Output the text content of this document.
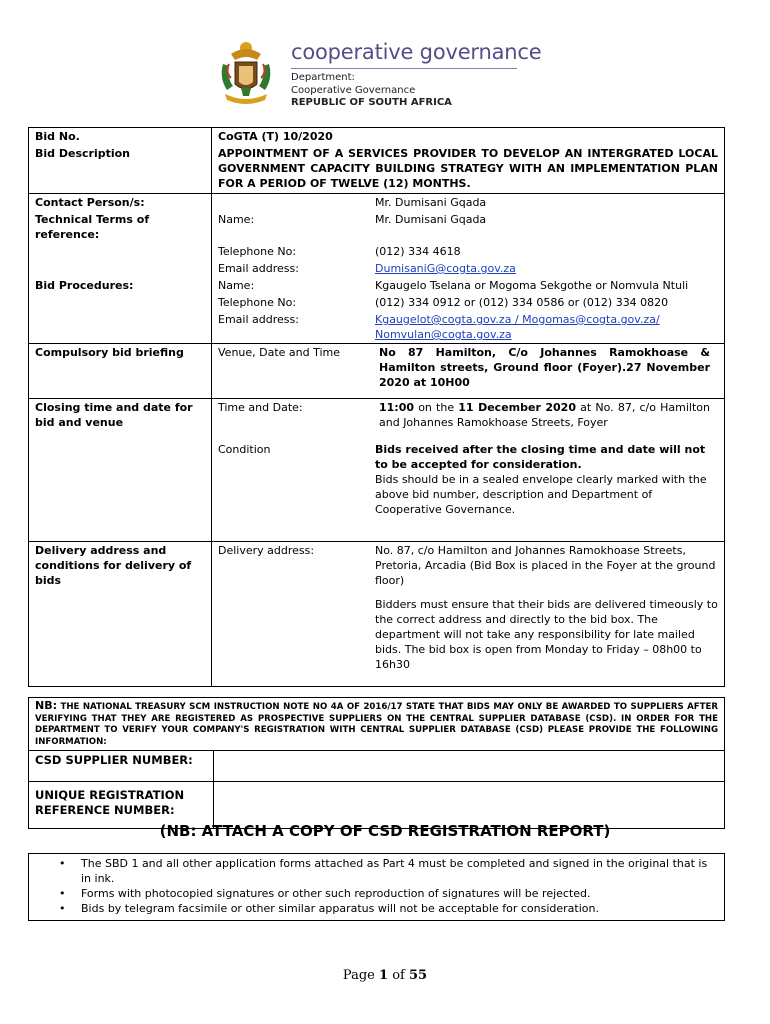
cooperative governance
Department:
Cooperative Governance
REPUBLIC OF SOUTH AFRICA
Bid No.	CoGTA (T) 10/2020	
Bid Description	APPOINTMENT OF A SERVICES PROVIDER TO DEVELOP AN INTERGRATED LOCAL GOVERNMENT CAPACITY BUILDING STRATEGY WITH AN IMPLEMENTATION PLAN FOR A PERIOD OF TWELVE (12) MONTHS.	
Contact Person/s:		Mr. Dumisani Gqada
Technical Terms of reference:	Name:	Mr. Dumisani Gqada
	Telephone No:	(012) 334 4618
	Email address:	DumisaniG@cogta.gov.za
Bid Procedures:	Name:	Kgaugelo Tselana or Mogoma Sekgothe or Nomvula Ntuli
	Telephone No:	(012) 334 0912 or (012) 334 0586 or (012) 334 0820
	Email address:	Kgaugelot@cogta.gov.za / Mogomas@cogta.gov.za/
Nomvulan@cogta.gov.za

Compulsory bid briefing	Venue, Date and Time	No 87 Hamilton, C/o Johannes Ramokhoase & Hamilton streets, Ground floor (Foyer).27 November 2020 at 10H00
Closing time and date for bid and venue	Time and Date:	11:00 on the 11 December 2020 at No. 87, c/o Hamilton and Johannes Ramokhoase Streets, Foyer
	Condition	Bids received after the closing time and date will not to be accepted for consideration.
Bids should be in a sealed envelope clearly marked with the above bid number, description and Department of Cooperative Governance.

Delivery address and conditions for delivery of bids	Delivery address:	No. 87, c/o Hamilton and Johannes Ramokhoase Streets, Pretoria, Arcadia (Bid Box is placed in the Foyer at the ground floor)
		Bidders must ensure that their bids are delivered timeously to the correct address and directly to the bid box. The department will not take any responsibility for late mailed bids. The bid box is open from Monday to Friday – 08h00 to 16h30
NB: THE NATIONAL TREASURY SCM INSTRUCTION NOTE NO 4A OF 2016/17 STATE THAT BIDS MAY ONLY BE AWARDED TO SUPPLIERS AFTER VERIFYING THAT THEY ARE REGISTERED AS PROSPECTIVE SUPPLIERS ON THE CENTRAL SUPPLIER DATABASE (CSD). IN ORDER FOR THE DEPARTMENT TO VERIFY YOUR COMPANY'S REGISTRATION WITH CENTRAL SUPPLIER DATABASE (CSD) PLEASE PROVIDE THE FOLLOWING INFORMATION:	
CSD SUPPLIER NUMBER:	
UNIQUE REGISTRATION REFERENCE NUMBER:	
(NB: ATTACH A COPY OF CSD REGISTRATION REPORT)
• The SBD 1 and all other application forms attached as Part 4 must be completed and signed in the original that is in ink.
• Forms with photocopied signatures or other such reproduction of signatures will be rejected.
• Bids by telegram facsimile or other similar apparatus will not be acceptable for consideration.
Page 1 of 55
